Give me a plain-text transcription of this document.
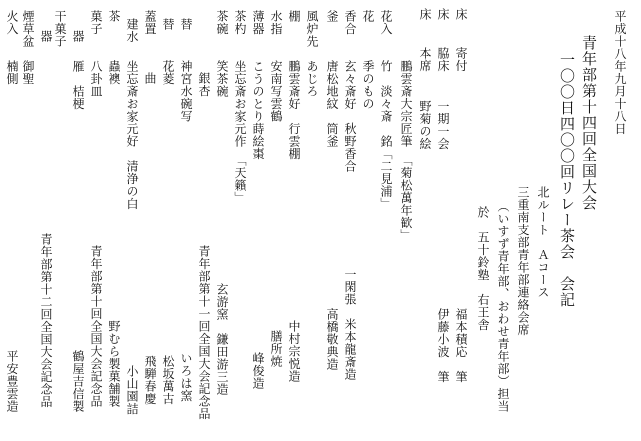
平成十八年九月十八日
青年部第十四回全国大会
一〇〇日四〇〇回リレー茶会　会記
北ルート　Ａコース
三重南支部青年部連絡会席
（いすず青年部、おわせ青年部）担当
於　五十鈴塾　右王舎
床
寄付
福本積応　筆
床
脇床
伊藤小波　筆
床
本席
鵬雲斎大宗匠筆　「菊松萬年歓」 野菊の絵 一期一会
花入
竹　淡々斎　銘「二見浦」
花
季のもの
香合
玄々斎好　秋野香合
一閑張　米本龍斎造
釜
唐松地紋　筒釜
高橋敬典造
風炉先
あじろ
棚
鵬雲斎好　行雲棚
中村宗悦造
水指
安南写雲鶴
膳所焼
薄器
こうのとり蒔絵棗
峰俊造
茶杓
坐忘斎お家元作　「天籟」
茶碗
笑茶碗
玄游窯　鎌田游三造
銀杏
青年部第十一回全国大会記念品
替
神宮水碗写
いろは窯
替
花菱
松坂萬古
蓋置
曲
飛騨春慶
建水
坐忘斎お家元好　清浄の白
小山園詰
茶
蟲襖
野むら製菓舗製
菓子
八卦皿
青年部第十回全国大会記念品
器
雁　桔梗
鶴屋吉信製
干菓子
器
青年部第十二回全国大会記念品
煙草盆
御聖
火入
楠側
平安豊雲造
